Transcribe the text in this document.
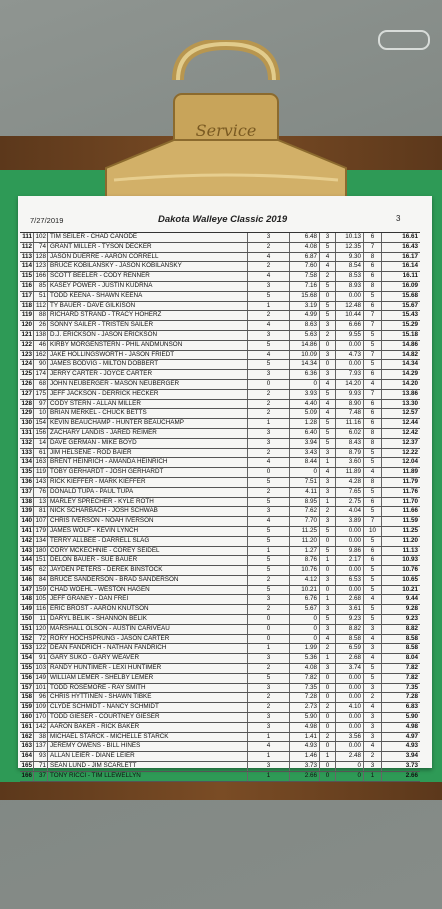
Service
7/27/2019	Dakota Walleye Classic 2019	3
111 102 TIM SEILER - CHAD CANODE	3	6.48	3	10.13	6	16.61
112	74 GRANT MILLER - TYSON DECKER	2	4.08	5	12.35	7	16.43
113 128 JASON DUERRE - AARON CORRELL	4	6.87	4	9.30	8	16.17
114 123 BRUCE KOBILANSKY - JASON KOBILANSKY	2	7.60	4	8.54	6	16.14
115 166 SCOTT BEELER - CODY RENNER	4	7.58	2	8.53	6	16.11
116	85 KASEY POWER - JUSTIN KUDRNA	3	7.16	5	8.93	8	16.09
117	51 TODD KEENA - SHAWN KEENA	5	15.68	0	0.00	5	15.68
118 112 TY BAUER - DAVE GILKISON	1	3.19	5	12.48	6	15.67
119	88 RICHARD STRAND - TRACY HOHERZ	2	4.99	5	10.44	7	15.43
120	26 SONNY SAILER - TRISTEN SAILER	4	8.63	3	6.66	7	15.29
121 138 D.J. ERICKSON - JASON ERICKSON	3	5.63	2	9.55	5	15.18
122	46 KIRBY MORGENSTERN - PHIL ANDMUNSON	5	14.86	0	0.00	5	14.86
123 162 JAKE HOLLINGSWORTH - JASON FRIEDT	4	10.09	3	4.73	7	14.82
124	90 JAMES BODVIG - MILTON DOBBERT	5	14.34	0	0.00	5	14.34
125 174 JERRY CARTER - JOYCE CARTER	3	6.36	3	7.93	6	14.29
126	68 JOHN NEUBERGER - MASON NEUBERGER	0	0	4	14.20	4	14.20
127 175 JEFF JACKSON - DERRICK HECKER	2	3.93	5	9.93	7	13.86
128	97 CODY STERN - ALLAN MILLER	2	4.40	4	8.90	6	13.30
129	10 BRIAN MERKEL - CHUCK BETTS	2	5.09	4	7.48	6	12.57
130 154 KEVIN BEAUCHAMP - HUNTER BEAUCHAMP	1	1.28	5	11.16	6	12.44
131 156 ZACHARY LANDIS - JARED REIMER	3	6.40	5	6.02	8	12.42
132	14 DAVE GERMAN - MIKE BOYD	3	3.94	5	8.43	8	12.37
133	61 JIM HELSENE - ROD BAIER	2	3.43	3	8.79	5	12.22
134 163 BRENT HEINRICH - AMANDA HEINRICH	4	8.44	1	3.60	5	12.04
135 119 TOBY GERHARDT - JOSH GERHARDT	0	0	4	11.89	4	11.89
136 143 RICK KIEFFER - MARK KIEFFER	5	7.51	3	4.28	8	11.79
137	76 DONALD TUPA - PAUL TUPA	2	4.11	3	7.65	5	11.76
138	13 MARLEY SPRECHER - KYLE ROTH	5	8.95	1	2.75	6	11.70
139	81 NICK SCHARBACH - JOSH SCHWAB	3	7.62	2	4.04	5	11.66
140 107 CHRIS IVERSON - NOAH IVERSON	4	7.70	3	3.89	7	11.59
141 179 JAMES WOLF - KEVIN LYNCH	5	11.25	5	0.00	10	11.25
142 134 TERRY ALLBEE - DARRELL SLAG	5	11.20	0	0.00	5	11.20
143 180 CORY MCKECHNIE - COREY SEIDEL	1	1.27	5	9.86	6	11.13
144 151 DELON BAUER - SUE BAUER	5	8.76	1	2.17	6	10.93
145	62 JAYDEN PETERS - DEREK BINSTOCK	5	10.76	0	0.00	5	10.76
146	84 BRUCE SANDERSON - BRAD SANDERSON	2	4.12	3	6.53	5	10.65
147 159 CHAD WOEHL - WESTON HAGEN	5	10.21	0	0.00	5	10.21
148 105 JEFF GRANEY - DAN FREI	3	6.76	1	2.68	4	9.44
149 116 ERIC BROST - AARON KNUTSON	2	5.67	3	3.61	5	9.28
150	11 DARYL BELIK - SHANNON BELIK	0	0	5	9.23	5	9.23
151 120 MARSHALL OLSON - AUSTIN CARIVEAU	0	0	3	8.82	3	8.82
152	72 RORY HOCHSPRUNG - JASON CARTER	0	0	4	8.58	4	8.58
153 122 DEAN FANDRICH - NATHAN FANDRICH	1	1.99	2	6.59	3	8.58
154	91 GARY SUKO - GARY WEAVER	3	5.36	1	2.68	4	8.04
155 103 RANDY HUNTIMER - LEXI HUNTIMER	2	4.08	3	3.74	5	7.82
156 149 WILLIAM LEMER - SHELBY LEMER	5	7.82	0	0.00	5	7.82
157 101 TODD ROSEMORE - RAY SMITH	3	7.35	0	0.00	3	7.35
158	96 CHRIS HYTTINEN - SHAWN TIBKE	2	7.28	0	0.00	2	7.28
159 109 CLYDE SCHMIDT - NANCY SCHMIDT	2	2.73	2	4.10	4	6.83
160 170 TODD GIESER - COURTNEY GIESER	3	5.90	0	0.00	3	5.90
161 142 AARON BAKER - RICK BAKER	3	4.98	0	0.00	3	4.98
162	38 MICHAEL STARCK - MICHELLE STARCK	1	1.41	2	3.56	3	4.97
163 137 JEREMY OWENS - BILL HINES	4	4.93	0	0.00	4	4.93
164	93 ALLAN LEIER - DIANE LEIER	1	1.46	1	2.48	2	3.94
165	71 SEAN LUND - JIM SCARLETT	3	3.73	0	0	3	3.73
166	37 TONY RICCI - TIM LLEWELLYN	1	2.66	0	0	1	2.66
